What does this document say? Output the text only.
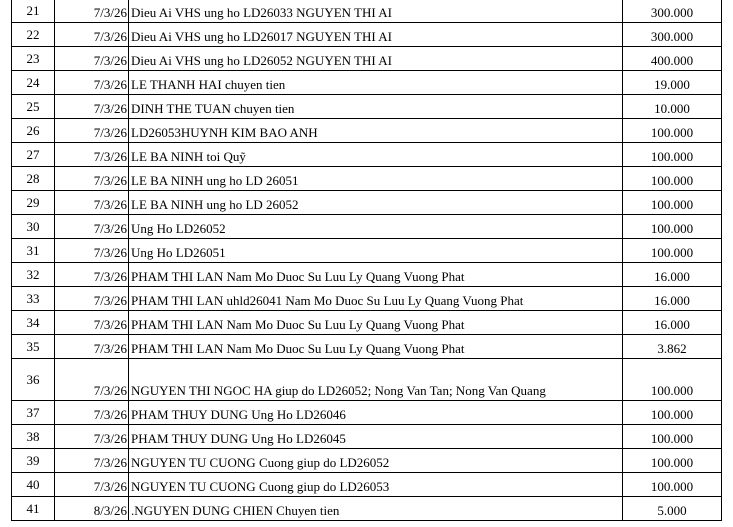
21	7/3/26	Dieu Ai VHS ung ho LD26033 NGUYEN THI AI	300.000
22	7/3/26	Dieu Ai VHS ung ho LD26017 NGUYEN THI AI	300.000
23	7/3/26	Dieu Ai VHS ung ho LD26052 NGUYEN THI AI	400.000
24	7/3/26	LE THANH HAI chuyen tien	19.000
25	7/3/26	DINH THE TUAN chuyen tien	10.000
26	7/3/26	LD26053HUYNH KIM BAO ANH	100.000
27	7/3/26	LE BA NINH toi Quỹ	100.000
28	7/3/26	LE BA NINH ung ho LD 26051	100.000
29	7/3/26	LE BA NINH ung ho LD 26052	100.000
30	7/3/26	Ung Ho LD26052	100.000
31	7/3/26	Ung Ho LD26051	100.000
32	7/3/26	PHAM THI LAN Nam Mo Duoc Su Luu Ly Quang Vuong Phat	16.000
33	7/3/26	PHAM THI LAN uhld26041 Nam Mo Duoc Su Luu Ly Quang Vuong Phat	16.000
34	7/3/26	PHAM THI LAN Nam Mo Duoc Su Luu Ly Quang Vuong Phat	16.000
35	7/3/26	PHAM THI LAN Nam Mo Duoc Su Luu Ly Quang Vuong Phat	3.862
36	7/3/26	NGUYEN THI NGOC HA giup do LD26052; Nong Van Tan; Nong Van Quang	100.000
37	7/3/26	PHAM THUY DUNG Ung Ho LD26046	100.000
38	7/3/26	PHAM THUY DUNG Ung Ho LD26045	100.000
39	7/3/26	NGUYEN TU CUONG Cuong giup do LD26052	100.000
40	7/3/26	NGUYEN TU CUONG Cuong giup do LD26053	100.000
41	8/3/26	.NGUYEN DUNG CHIEN Chuyen tien	5.000
